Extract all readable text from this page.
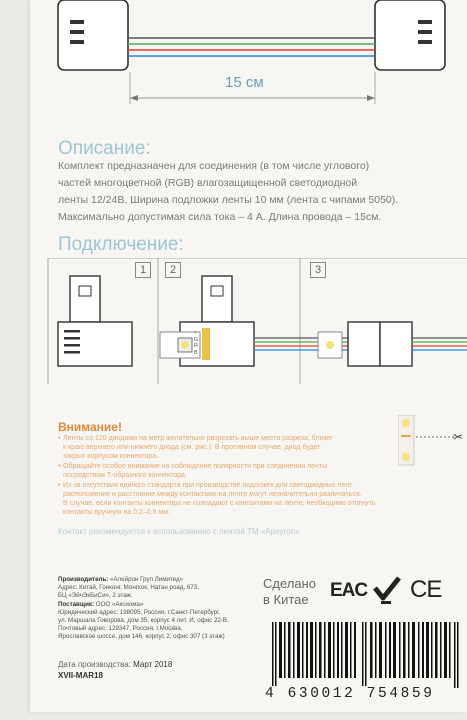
15 см
Описание:
Комплект предназначен для соединения (в том числе углового)
частей многоцветной (RGB) влагозащищенной светодиодной
ленты 12/24В. Ширина подложки ленты 10 мм (лента с чипами 5050).
Максимально допустимая сила тока – 4 А. Длина провода – 15см.
Подключение:
1	2	3
+
G
R
B
Внимание!
• Ленты со 120 диодами на метр желательно разрезать выше места разреза, ближе
к краю верхнего или нижнего диода (см. рис.). В противном случае, диод будет
закрыт корпусом коннектора.
• Обращайте особое внимание на соблюдение полярности при соединении ленты
посредством Т-образного коннектора.
• Из-за отсутствия единого стандарта при производстве подложек для светодиодных лент
расположение и расстояние между контактами на ленте могут незначительно различаться.
В случае, если контакты коннектора не совпадают с контактами на ленте, необходимо отогнуть
контакты вручную на 0,2–0,5 мм.
✂
Контакт рекомендуется к использованию с лентой ТМ «Apeyron»
Производитель: «Алейрон Груп Лимитед»
Адрес: Китай, Гонконг, Монгкок, Натан роад, 673,
БЦ «ЭйчЭкБиСи», 2 этаж.
Поставщик: ООО «Аксиома»
Юридический адрес: 198095, Россия, г.Санкт-Петербург,
ул. Маршала Говорова, дом 35, корпус 4 лит. И, офис 22-В.
Почтовый адрес: 129347, Россия, г.Москва,
Ярославское шоссе, дом 146, корпус 2, офис 307 (3 этаж)
Сделано
в Китае	EAC CE
Дата производства: Март 2018
XVII-MAR18
4 630012 754859
